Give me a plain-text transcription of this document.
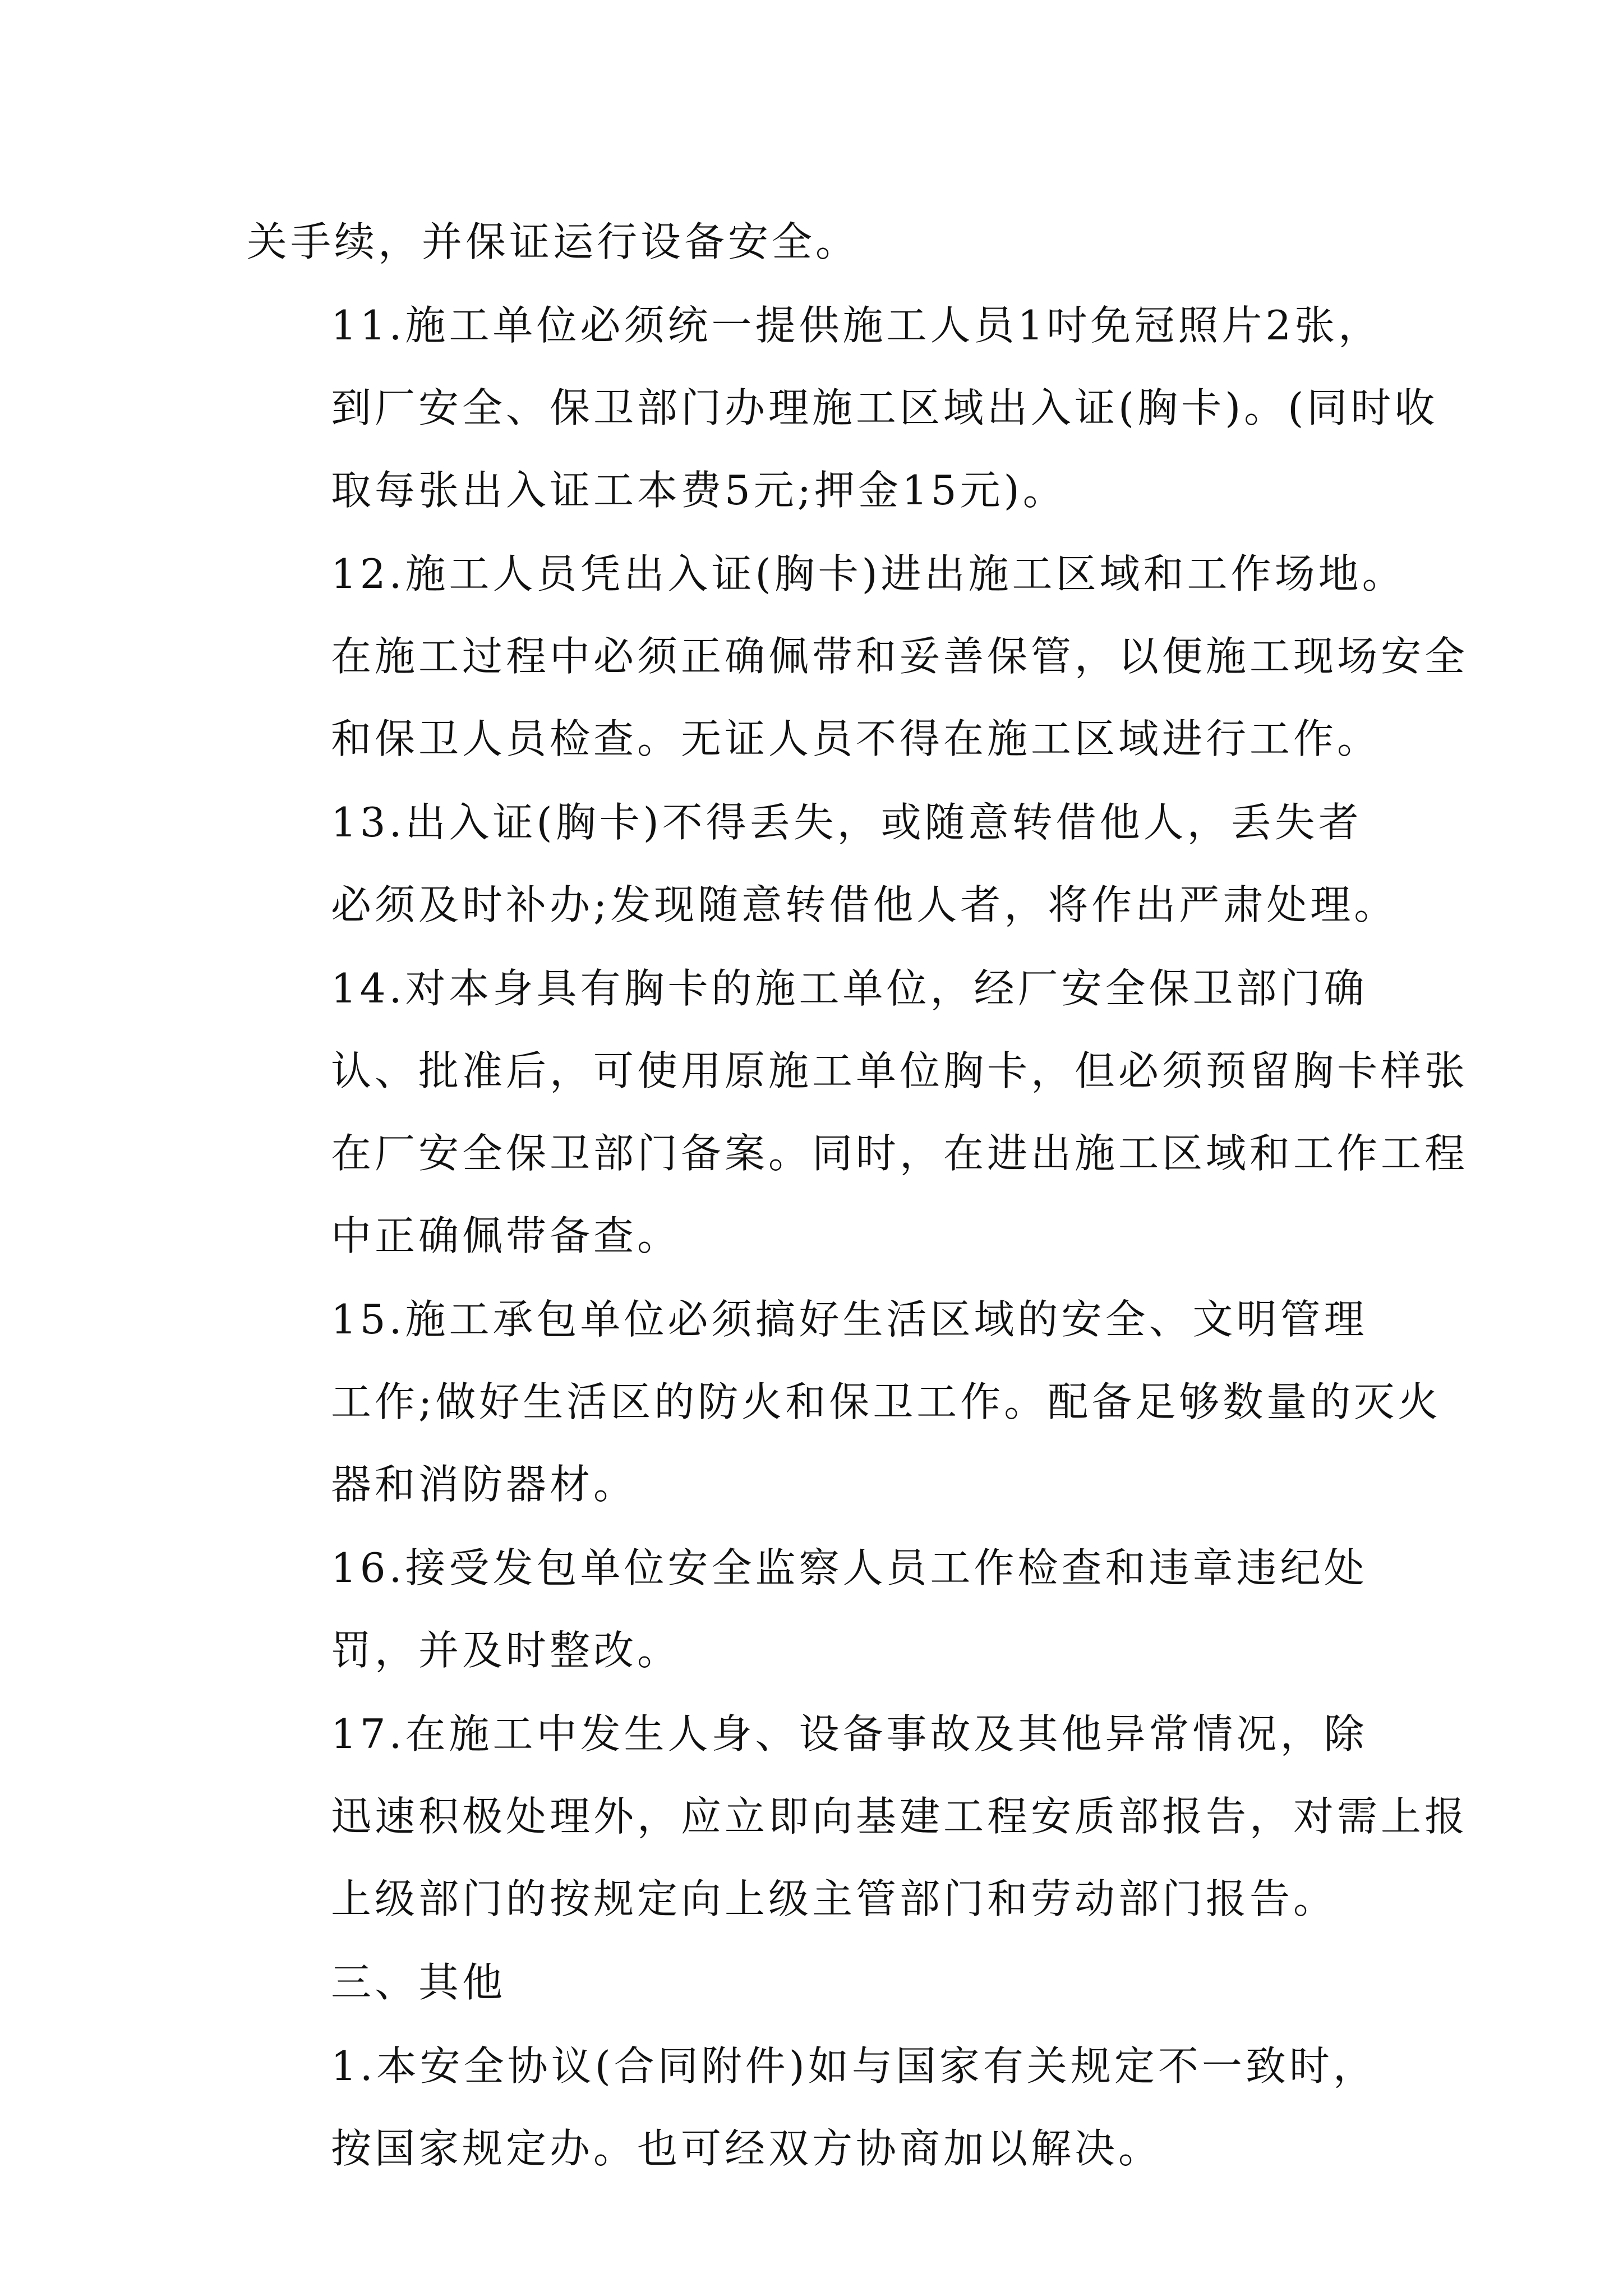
关手续，并保证运行设备安全。

11.施工单位必须统一提供施工人员1吋免冠照片2张，
到厂安全、保卫部门办理施工区域出入证(胸卡)。(同时收
取每张出入证工本费5元;押金15元)。

12.施工人员凭出入证(胸卡)进出施工区域和工作场地。
在施工过程中必须正确佩带和妥善保管，以便施工现场安全
和保卫人员检查。无证人员不得在施工区域进行工作。

13.出入证(胸卡)不得丢失，或随意转借他人，丢失者
必须及时补办;发现随意转借他人者，将作出严肃处理。

14.对本身具有胸卡的施工单位，经厂安全保卫部门确
认、批准后，可使用原施工单位胸卡，但必须预留胸卡样张
在厂安全保卫部门备案。同时，在进出施工区域和工作工程
中正确佩带备查。

15.施工承包单位必须搞好生活区域的安全、文明管理
工作;做好生活区的防火和保卫工作。配备足够数量的灭火
器和消防器材。

16.接受发包单位安全监察人员工作检查和违章违纪处
罚，并及时整改。

17.在施工中发生人身、设备事故及其他异常情况，除
迅速积极处理外，应立即向基建工程安质部报告，对需上报
上级部门的按规定向上级主管部门和劳动部门报告。

三、其他

1.本安全协议(合同附件)如与国家有关规定不一致时，
按国家规定办。也可经双方协商加以解决。
